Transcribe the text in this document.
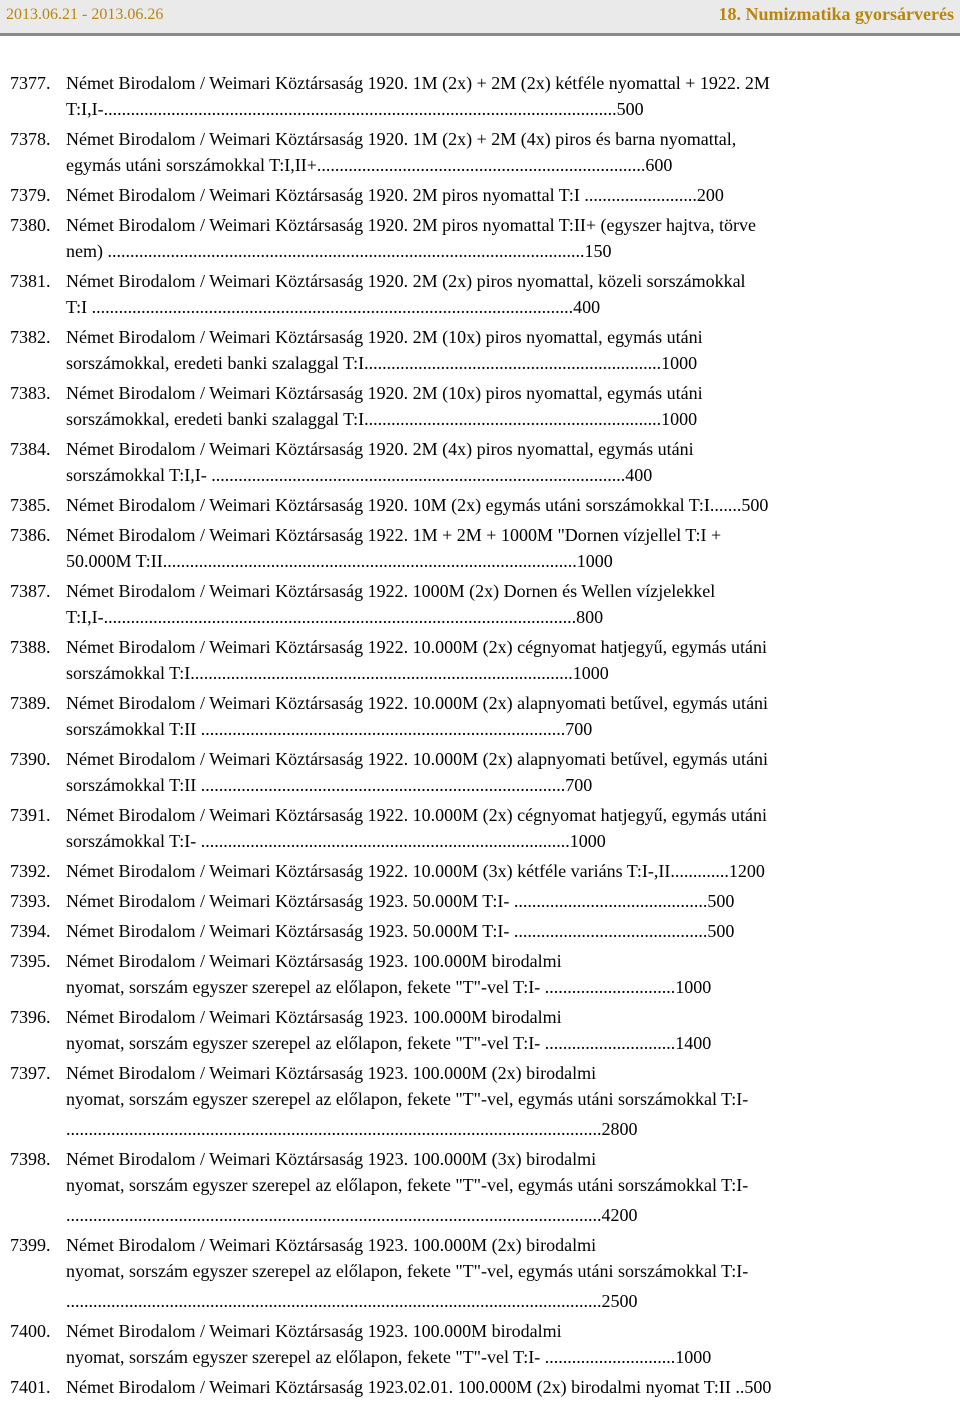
2013.06.21 - 2013.06.26	18. Numizmatika gyorsárverés
7377. Német Birodalom / Weimari Köztársaság 1920. 1M (2x) + 2M (2x) kétféle nyomattal + 1922. 2M
T:I,I-..................................................................................................................500
7378. Német Birodalom / Weimari Köztársaság 1920. 1M (2x) + 2M (4x) piros és barna nyomattal,
egymás utáni sorszámokkal T:I,II+.........................................................................600
7379. Német Birodalom / Weimari Köztársaság 1920. 2M piros nyomattal T:I .........................200
7380. Német Birodalom / Weimari Köztársaság 1920. 2M piros nyomattal T:II+ (egyszer hajtva, törve
nem) ..........................................................................................................150
7381. Német Birodalom / Weimari Köztársaság 1920. 2M (2x) piros nyomattal, közeli sorszámokkal
T:I ...........................................................................................................400
7382. Német Birodalom / Weimari Köztársaság 1920. 2M (10x) piros nyomattal, egymás utáni
sorszámokkal, eredeti banki szalaggal T:I..................................................................1000
7383. Német Birodalom / Weimari Köztársaság 1920. 2M (10x) piros nyomattal, egymás utáni
sorszámokkal, eredeti banki szalaggal T:I..................................................................1000
7384. Német Birodalom / Weimari Köztársaság 1920. 2M (4x) piros nyomattal, egymás utáni
sorszámokkal T:I,I- ............................................................................................400
7385. Német Birodalom / Weimari Köztársaság 1920. 10M (2x) egymás utáni sorszámokkal T:I.......500
7386. Német Birodalom / Weimari Köztársaság 1922. 1M + 2M + 1000M "Dornen vízjellel T:I +
50.000M T:II............................................................................................1000
7387. Német Birodalom / Weimari Köztársaság 1922. 1000M (2x) Dornen és Wellen vízjelekkel
T:I,I-.........................................................................................................800
7388. Német Birodalom / Weimari Köztársaság 1922. 10.000M (2x) cégnyomat hatjegyű, egymás utáni
sorszámokkal T:I.....................................................................................1000
7389. Német Birodalom / Weimari Köztársaság 1922. 10.000M (2x) alapnyomati betűvel, egymás utáni
sorszámokkal T:II .................................................................................700
7390. Német Birodalom / Weimari Köztársaság 1922. 10.000M (2x) alapnyomati betűvel, egymás utáni
sorszámokkal T:II .................................................................................700
7391. Német Birodalom / Weimari Köztársaság 1922. 10.000M (2x) cégnyomat hatjegyű, egymás utáni
sorszámokkal T:I- ..................................................................................1000
7392. Német Birodalom / Weimari Köztársaság 1922. 10.000M (3x) kétféle variáns T:I-,II.............1200
7393. Német Birodalom / Weimari Köztársaság 1923. 50.000M T:I- ...........................................500
7394. Német Birodalom / Weimari Köztársaság 1923. 50.000M T:I- ...........................................500
7395. Német Birodalom / Weimari Köztársaság 1923. 100.000M birodalmi
nyomat, sorszám egyszer szerepel az előlapon, fekete "T"-vel T:I- .............................1000
7396. Német Birodalom / Weimari Köztársaság 1923. 100.000M birodalmi
nyomat, sorszám egyszer szerepel az előlapon, fekete "T"-vel T:I- .............................1400
7397. Német Birodalom / Weimari Köztársaság 1923. 100.000M (2x) birodalmi
nyomat, sorszám egyszer szerepel az előlapon, fekete "T"-vel, egymás utáni sorszámokkal T:I-
.......................................................................................................................2800
7398. Német Birodalom / Weimari Köztársaság 1923. 100.000M (3x) birodalmi
nyomat, sorszám egyszer szerepel az előlapon, fekete "T"-vel, egymás utáni sorszámokkal T:I-
.......................................................................................................................4200
7399. Német Birodalom / Weimari Köztársaság 1923. 100.000M (2x) birodalmi
nyomat, sorszám egyszer szerepel az előlapon, fekete "T"-vel, egymás utáni sorszámokkal T:I-
.......................................................................................................................2500
7400. Német Birodalom / Weimari Köztársaság 1923. 100.000M birodalmi
nyomat, sorszám egyszer szerepel az előlapon, fekete "T"-vel T:I- .............................1000
7401. Német Birodalom / Weimari Köztársaság 1923.02.01. 100.000M (2x) birodalmi nyomat T:II ..500
